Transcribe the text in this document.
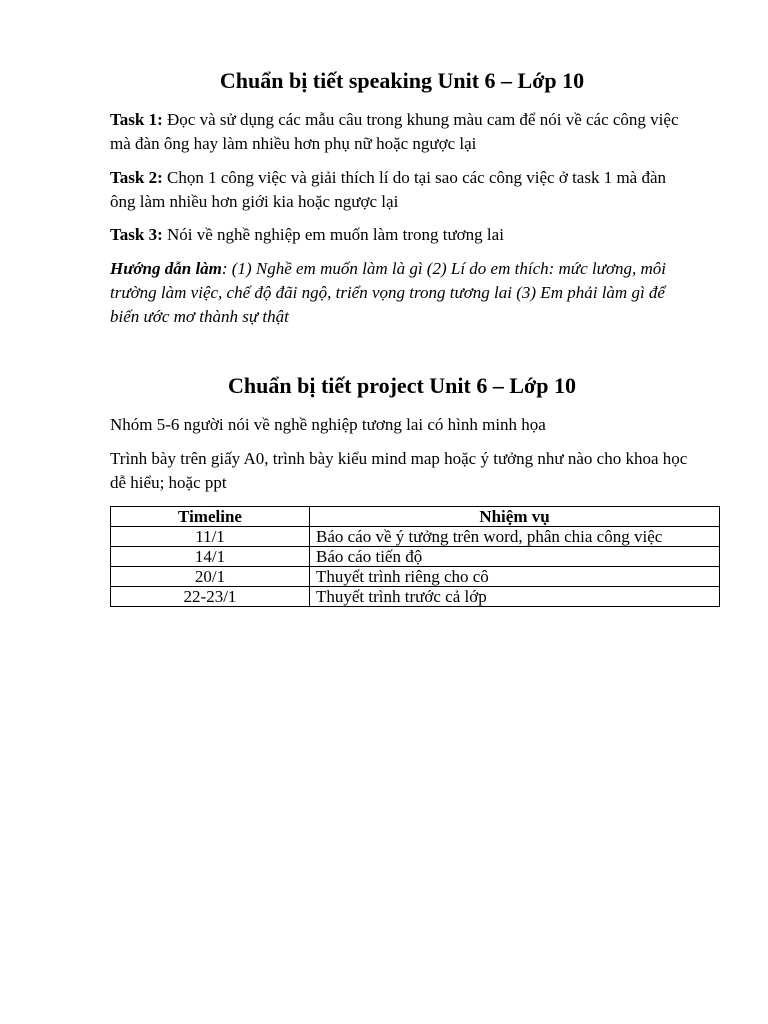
Chuẩn bị tiết speaking Unit 6 – Lớp 10

Task 1: Đọc và sử dụng các mẫu câu trong khung màu cam để nói về các công việc mà đàn ông hay làm nhiều hơn phụ nữ hoặc ngược lại

Task 2: Chọn 1 công việc và giải thích lí do tại sao các công việc ở task 1 mà đàn ông làm nhiều hơn giới kia hoặc ngược lại

Task 3: Nói về nghề nghiệp em muốn làm trong tương lai

Hướng dẫn làm: (1) Nghề em muốn làm là gì (2) Lí do em thích: mức lương, môi trường làm việc, chế độ đãi ngộ, triển vọng trong tương lai (3) Em phải làm gì để biến ước mơ thành sự thật

Chuẩn bị tiết project Unit 6 – Lớp 10

Nhóm 5-6 người nói về nghề nghiệp tương lai có hình minh họa

Trình bày trên giấy A0, trình bày kiểu mind map hoặc ý tưởng như nào cho khoa học dễ hiểu; hoặc ppt

Timeline	Nhiệm vụ
11/1	Báo cáo về ý tưởng trên word, phân chia công việc
14/1	Báo cáo tiến độ
20/1	Thuyết trình riêng cho cô
22-23/1	Thuyết trình trước cả lớp
